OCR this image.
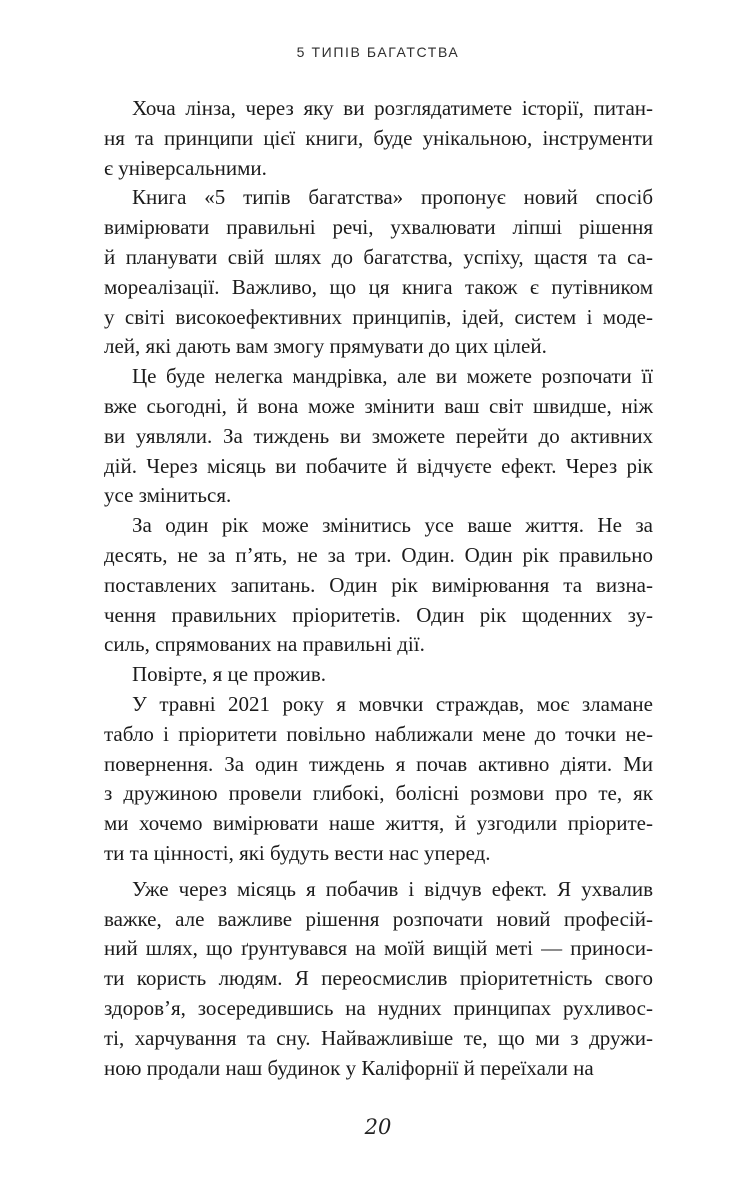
5 ТИПІВ БАГАТСТВА
Хоча лінза, через яку ви розглядатимете історії, питан-
ня та принципи цієї книги, буде унікальною, інструменти
є універсальними.
Книга «5 типів багатства» пропонує новий спосіб
вимірювати правильні речі, ухвалювати ліпші рішення
й планувати свій шлях до багатства, успіху, щастя та са-
мореалізації. Важливо, що ця книга також є путівником
у світі високоефективних принципів, ідей, систем і моде-
лей, які дають вам змогу прямувати до цих цілей.
Це буде нелегка мандрівка, але ви можете розпочати її
вже сьогодні, й вона може змінити ваш світ швидше, ніж
ви уявляли. За тиждень ви зможете перейти до активних
дій. Через місяць ви побачите й відчуєте ефект. Через рік
усе зміниться.
За один рік може змінитись усе ваше життя. Не за
десять, не за п’ять, не за три. Один. Один рік правильно
поставлених запитань. Один рік вимірювання та визна-
чення правильних пріоритетів. Один рік щоденних зу-
силь, спрямованих на правильні дії.
Повірте, я це прожив.
У травні 2021 року я мовчки страждав, моє зламане
табло і пріоритети повільно наближали мене до точки не-
повернення. За один тиждень я почав активно діяти. Ми
з дружиною провели глибокі, болісні розмови про те, як
ми хочемо вимірювати наше життя, й узгодили пріорите-
ти та цінності, які будуть вести нас уперед.
Уже через місяць я побачив і відчув ефект. Я ухвалив
важке, але важливе рішення розпочати новий професій-
ний шлях, що ґрунтувався на моїй вищій меті — приноси-
ти користь людям. Я переосмислив пріоритетність свого
здоров’я, зосередившись на нудних принципах рухливос-
ті, харчування та сну. Найважливіше те, що ми з дружи-
ною продали наш будинок у Каліфорнії й переїхали на
20
